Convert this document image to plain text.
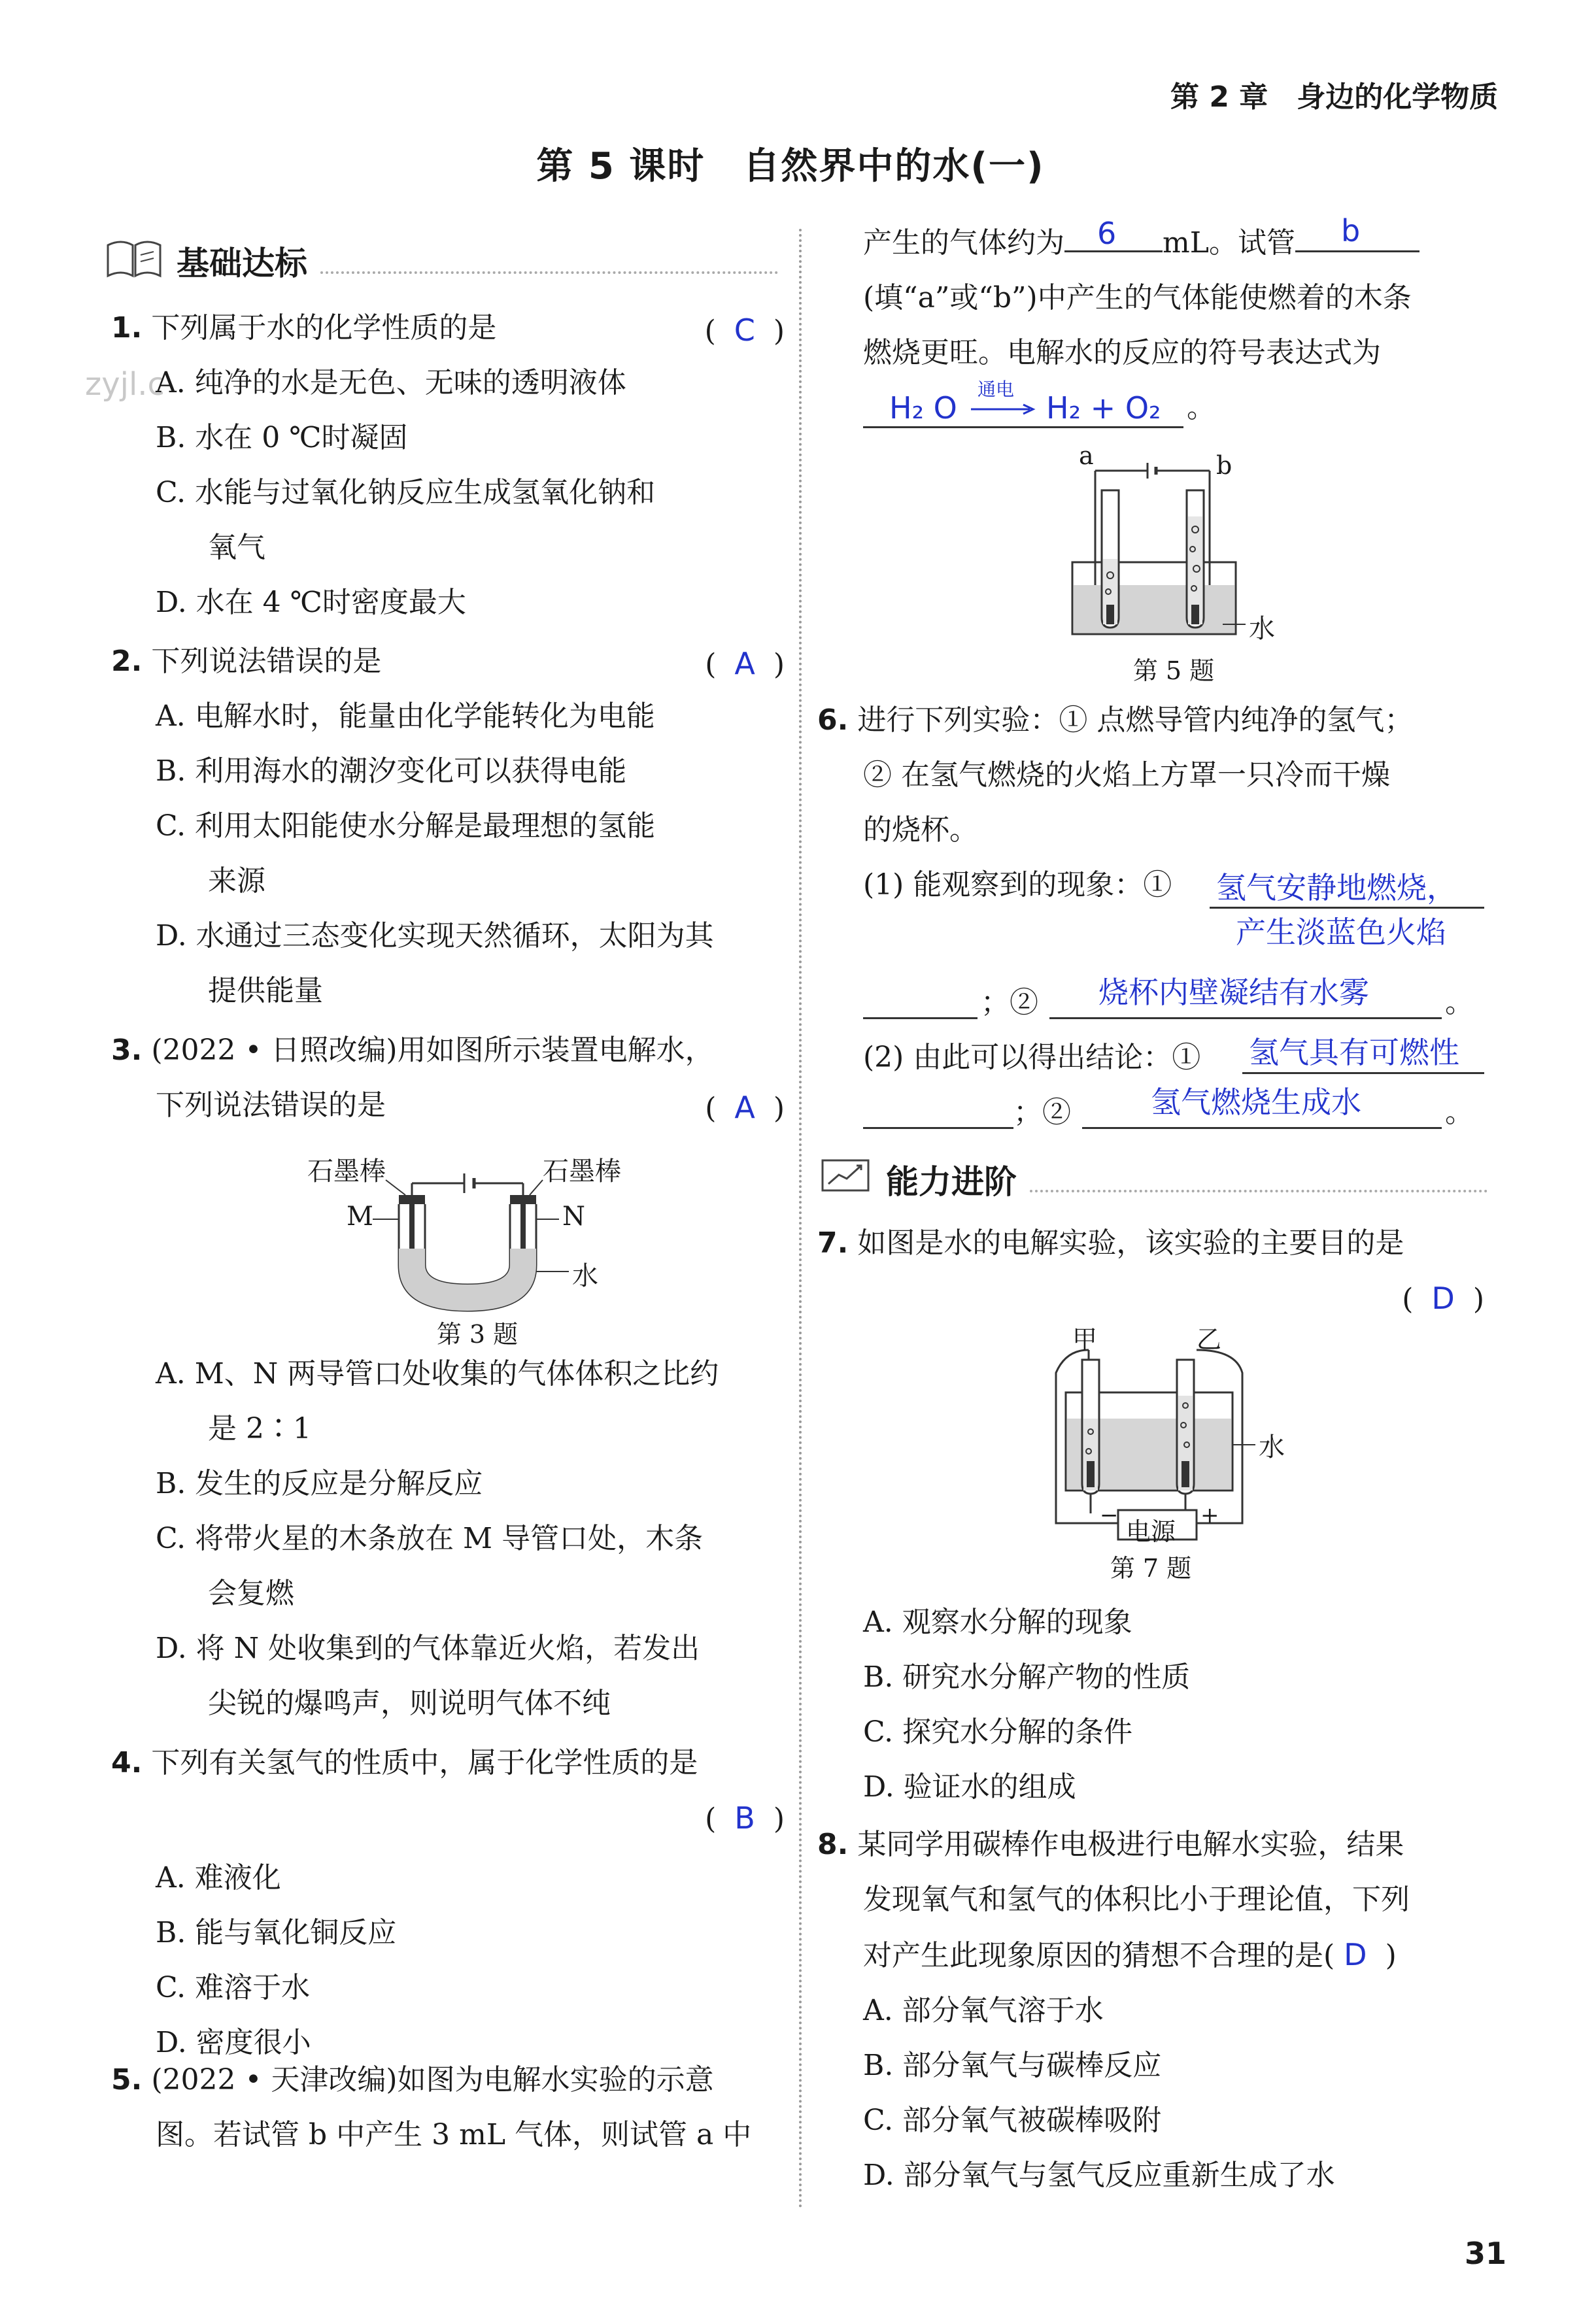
第 2 章　身边的化学物质
第 5 课时　自然界中的水(一)
zyjl.c
基础达标
1. 下列属于水的化学性质的是	( C )
A. 纯净的水是无色、无味的透明液体
B. 水在 0 ℃时凝固
C. 水能与过氧化钠反应生成氢氧化钠和
氧气
D. 水在 4 ℃时密度最大
2. 下列说法错误的是	( A )
A. 电解水时，能量由化学能转化为电能
B. 利用海水的潮汐变化可以获得电能
C. 利用太阳能使水分解是最理想的氢能
来源
D. 水通过三态变化实现天然循环，太阳为其
提供能量
3. (2022 • 日照改编)用如图所示装置电解水，
下列说法错误的是	( A )
石墨棒	石墨棒
M	N
水
第 3 题
A. M、N 两导管口处收集的气体体积之比约
是 2∶1
B. 发生的反应是分解反应
C. 将带火星的木条放在 M 导管口处，木条
会复燃
D. 将 N 处收集到的气体靠近火焰，若发出
尖锐的爆鸣声，则说明气体不纯
4. 下列有关氢气的性质中，属于化学性质的是
( B )
A. 难液化
B. 能与氧化铜反应
C. 难溶于水
D. 密度很小
5. (2022 • 天津改编)如图为电解水实验的示意
图。若试管 b 中产生 3 mL 气体，则试管 a 中
产生的气体约为 6 mL。试管 b
(填“a”或“b”)中产生的气体能使燃着的木条
燃烧更旺。电解水的反应的符号表达式为
H₂ O
通电
H₂ + O₂ 。
a	b
水
第 5 题
6. 进行下列实验：① 点燃导管内纯净的氢气；
② 在氢气燃烧的火焰上方罩一只冷而干燥
的烧杯。
(1) 能观察到的现象：① 氢气安静地燃烧，
产生淡蓝色火焰
；② 烧杯内壁凝结有水雾	。
(2) 由此可以得出结论：① 氢气具有可燃性
；②	氢气燃烧生成水	。
能力进阶
7. 如图是水的电解实验，该实验的主要目的是
( D )
甲	乙
水
电源
−	+
第 7 题
A. 观察水分解的现象
B. 研究水分解产物的性质
C. 探究水分解的条件
D. 验证水的组成
8. 某同学用碳棒作电极进行电解水实验，结果
发现氧气和氢气的体积比小于理论值，下列
对产生此现象原因的猜想不合理的是( D )
A. 部分氧气溶于水
B. 部分氧气与碳棒反应
C. 部分氧气被碳棒吸附
D. 部分氧气与氢气反应重新生成了水
31
